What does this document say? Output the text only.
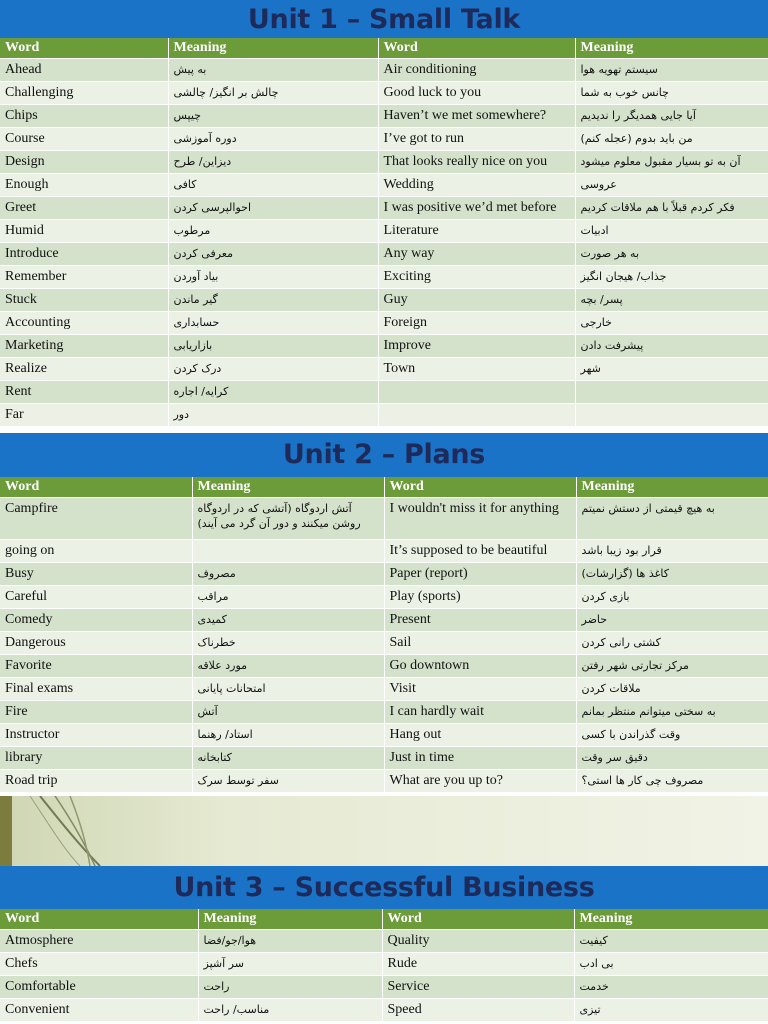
Unit 1 – Small Talk
Word	Meaning	Word	Meaning
Ahead	به پیش	Air conditioning	سیستم تهویه هوا
Challenging	چالش بر انگیز/ چالشی	Good luck to you	چانس خوب به شما
Chips	چیپس	Haven’t we met somewhere?	آیا جایی همدیگر را ندیدیم
Course	دوره آموزشی	I’ve got to run	من باید بدوم (عجله کنم)
Design	دیزاین/ طرح	That looks really nice on you	آن به تو بسیار مقبول معلوم میشود
Enough	کافی	Wedding	عروسی
Greet	احوالپرسی کردن	I was positive we’d met before	فکر کردم قبلاً با هم ملاقات کردیم
Humid	مرطوب	Literature	ادبیات
Introduce	معرفی کردن	Any way	به هر صورت
Remember	بیاد آوردن	Exciting	جذاب/ هیجان انگیز
Stuck	گیر ماندن	Guy	پسر/ بچه
Accounting	حسابداری	Foreign	خارجی
Marketing	بازاریابی	Improve	پیشرفت دادن
Realize	درک کردن	Town	شهر
Rent	کرایه/ اجاره		
Far	دور		
Unit 2 – Plans
Word	Meaning	Word	Meaning
Campfire	آتش اردوگاه (آتشی که در اردوگاه روشن میکنند و دور آن گرد می آیند)	I wouldn't miss it for anything	به هیچ قیمتی از دستش نمیتم
going on		It’s supposed to be beautiful	قرار بود زیبا باشد
Busy	مصروف	Paper (report)	کاغذ ها (گزارشات)
Careful	مراقب	Play (sports)	بازی کردن
Comedy	کمیدی	Present	حاضر
Dangerous	خطرناک	Sail	کشتی رانی کردن
Favorite	مورد علاقه	Go downtown	مرکز تجارتی شهر رفتن
Final exams	امتحانات پایانی	Visit	ملاقات کردن
Fire	آتش	I can hardly wait	به سختی میتوانم منتظر بمانم
Instructor	استاد/ رهنما	Hang out	وقت گذراندن با کسی
library	کتابخانه	Just in time	دقیق سر وقت
Road trip	سفر توسط سرک	What are you up to?	مصروف چی کار ها استی؟
Unit 3 – Successful Business
Word	Meaning	Word	Meaning
Atmosphere	هوا/جو/فضا	Quality	کیفیت
Chefs	سر آشپز	Rude	بی ادب
Comfortable	راحت	Service	خدمت
Convenient	مناسب/ راحت	Speed	تیزی
